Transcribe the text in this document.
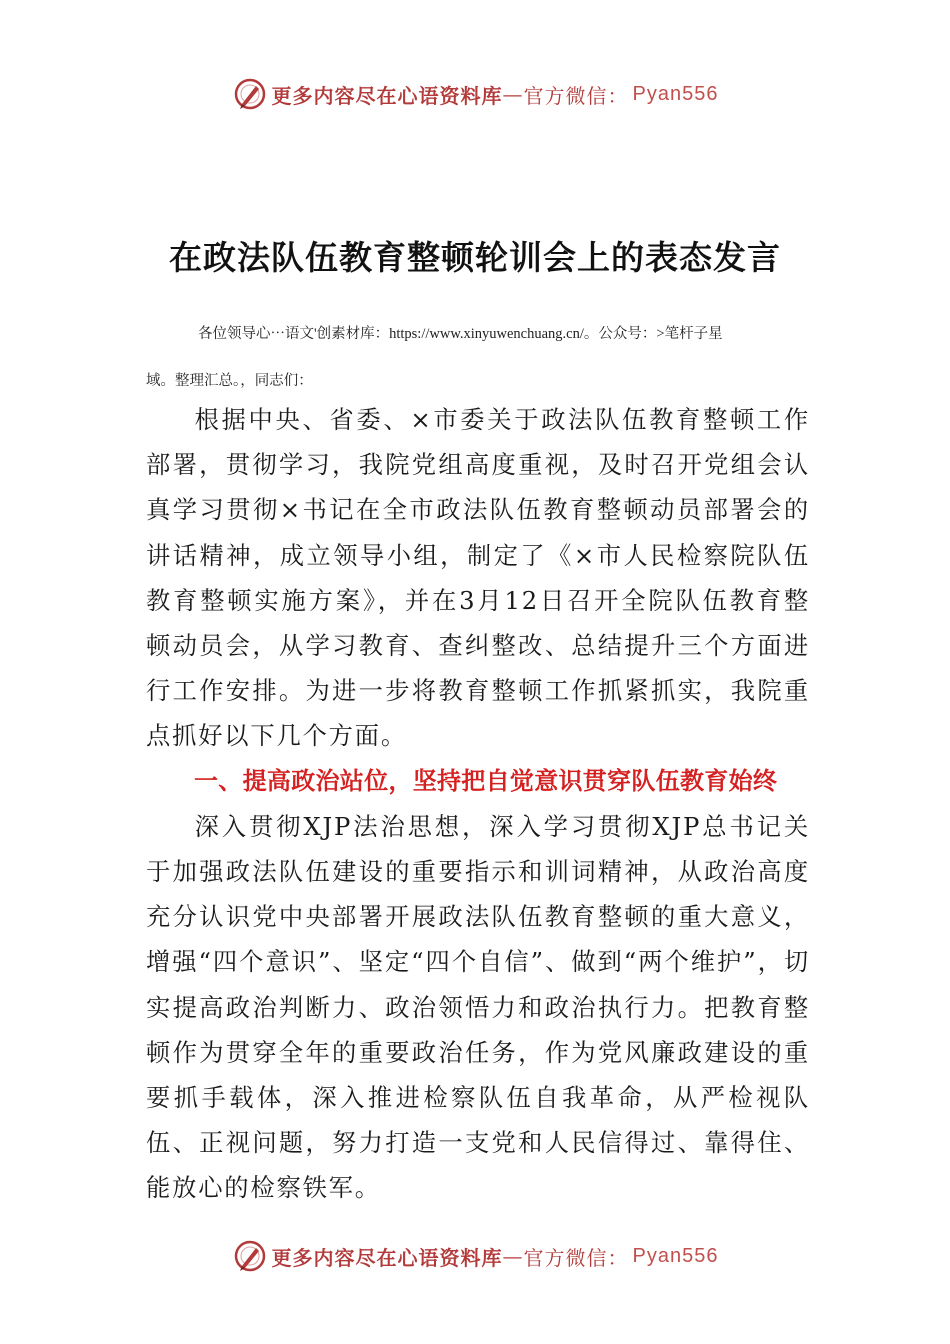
更多内容尽在心语资料库 — 官方微信： Pyan556
在政法队伍教育整顿轮训会上的表态发言
各位领导心⋯语文'创素材库：https://www.xinyuwenchuang.cn/。公众号：>笔杆子星
域。整理汇总。，同志们：

根据中央、省委、×市委关于政法队伍教育整顿工作部署，贯彻学习，我院党组高度重视，及时召开党组会认真学习贯彻×书记在全市政法队伍教育整顿动员部署会的讲话精神，成立领导小组，制定了《×市人民检察院队伍教育整顿实施方案》，并在3月12日召开全院队伍教育整顿动员会，从学习教育、查纠整改、总结提升三个方面进行工作安排。为进一步将教育整顿工作抓紧抓实，我院重点抓好以下几个方面。

一、提高政治站位，坚持把自觉意识贯穿队伍教育始终

深入贯彻XJP法治思想，深入学习贯彻XJP总书记关于加强政法队伍建设的重要指示和训词精神，从政治高度充分认识党中央部署开展政法队伍教育整顿的重大意义，增强“四个意识”、坚定“四个自信”、做到“两个维护”，切实提高政治判断力、政治领悟力和政治执行力。把教育整顿作为贯穿全年的重要政治任务，作为党风廉政建设的重要抓手载体，深入推进检察队伍自我革命，从严检视队伍、正视问题，努力打造一支党和人民信得过、靠得住、能放心的检察铁军。

更多内容尽在心语资料库 — 官方微信： Pyan556
